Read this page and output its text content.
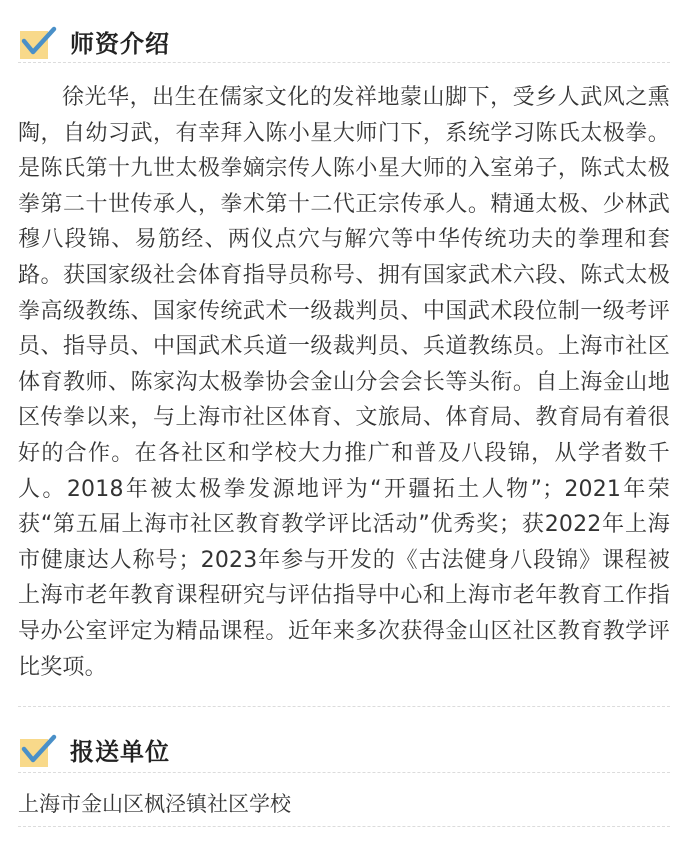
师资介绍

徐光华，出生在儒家文化的发祥地蒙山脚下，受乡人武风之熏陶，自幼习武，有幸拜入陈小星大师门下，系统学习陈氏太极拳。是陈氏第十九世太极拳嫡宗传人陈小星大师的入室弟子，陈式太极拳第二十世传承人，拳术第十二代正宗传承人。精通太极、少林武穆八段锦、易筋经、两仪点穴与解穴等中华传统功夫的拳理和套路。获国家级社会体育指导员称号、拥有国家武术六段、陈式太极拳高级教练、国家传统武术一级裁判员、中国武术段位制一级考评员、指导员、中国武术兵道一级裁判员、兵道教练员。上海市社区体育教师、陈家沟太极拳协会金山分会会长等头衔。自上海金山地区传拳以来，与上海市社区体育、文旅局、体育局、教育局有着很好的合作。在各社区和学校大力推广和普及八段锦，从学者数千人。2018年被太极拳发源地评为“开疆拓土人物”；2021年荣获“第五届上海市社区教育教学评比活动”优秀奖；获2022年上海市健康达人称号；2023年参与开发的《古法健身八段锦》课程被上海市老年教育课程研究与评估指导中心和上海市老年教育工作指导办公室评定为精品课程。近年来多次获得金山区社区教育教学评比奖项。

报送单位
上海市金山区枫泾镇社区学校
